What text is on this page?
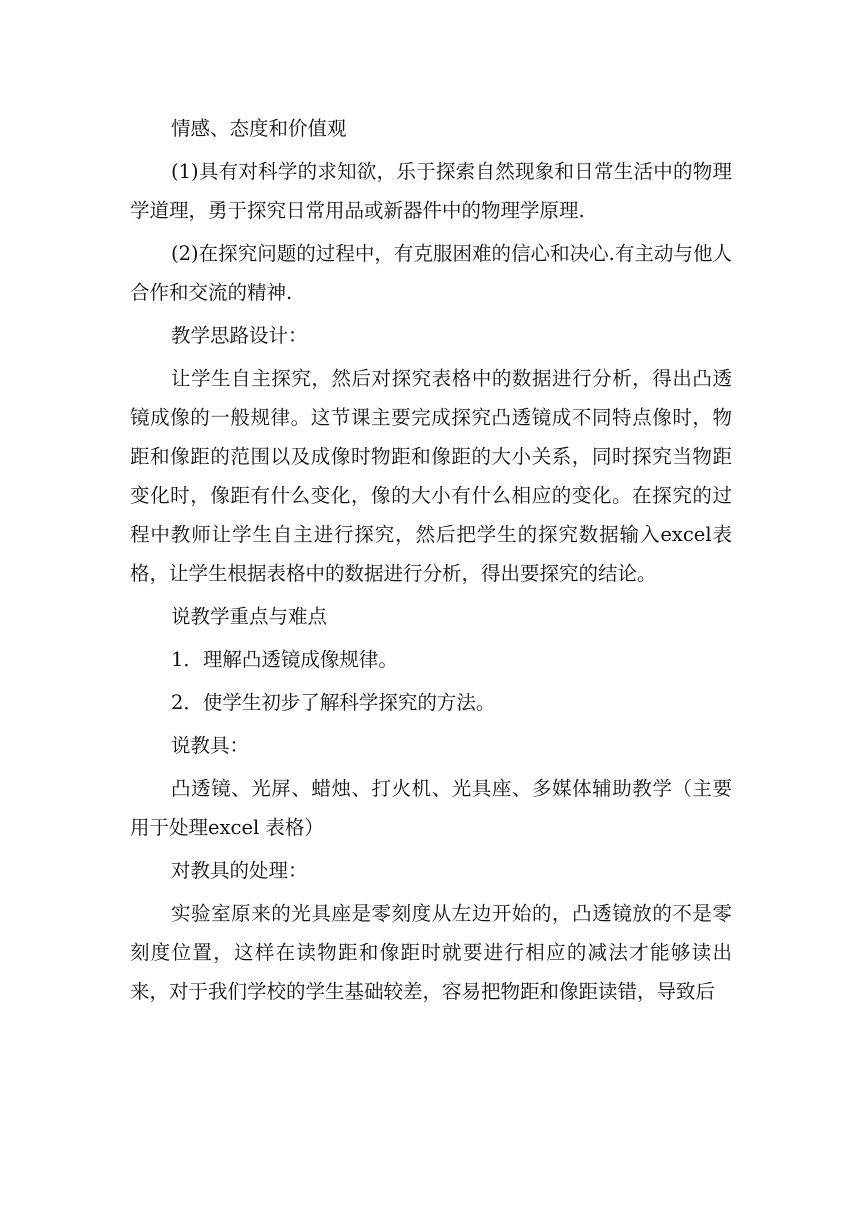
情感、态度和价值观

(1)具有对科学的求知欲，乐于探索自然现象和日常生活中的物理学道理，勇于探究日常用品或新器件中的物理学原理.

(2)在探究问题的过程中，有克服困难的信心和决心.有主动与他人合作和交流的精神.

教学思路设计：

让学生自主探究，然后对探究表格中的数据进行分析，得出凸透镜成像的一般规律。这节课主要完成探究凸透镜成不同特点像时，物距和像距的范围以及成像时物距和像距的大小关系，同时探究当物距变化时，像距有什么变化，像的大小有什么相应的变化。在探究的过程中教师让学生自主进行探究，然后把学生的探究数据输入excel表格，让学生根据表格中的数据进行分析，得出要探究的结论。

说教学重点与难点

1．理解凸透镜成像规律。

2．使学生初步了解科学探究的方法。

说教具：

凸透镜、光屏、蜡烛、打火机、光具座、多媒体辅助教学（主要用于处理excel 表格）

对教具的处理：

实验室原来的光具座是零刻度从左边开始的，凸透镜放的不是零刻度位置，这样在读物距和像距时就要进行相应的减法才能够读出来，对于我们学校的学生基础较差，容易把物距和像距读错，导致后
